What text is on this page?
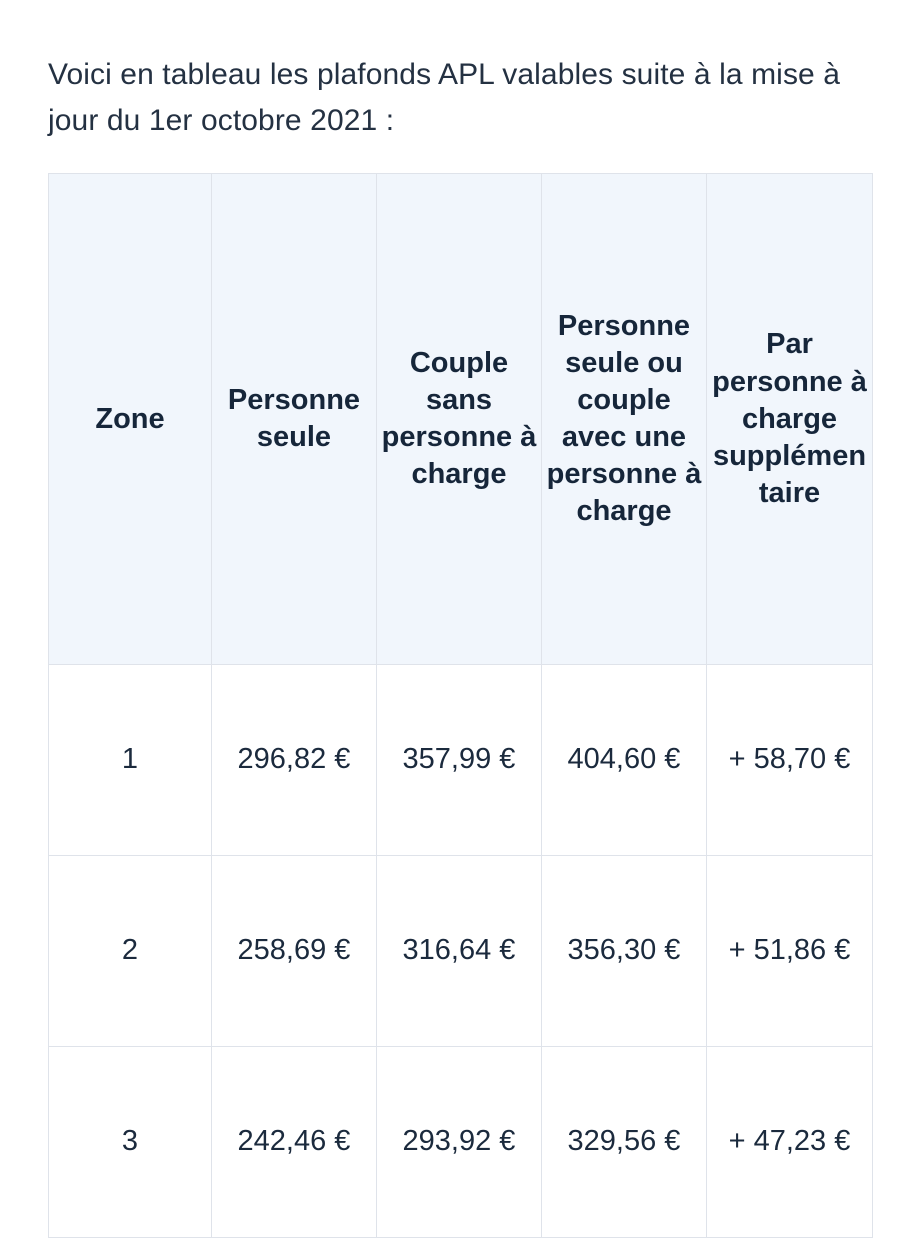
Voici en tableau les plafonds APL valables suite à la mise à jour du 1er octobre 2021 :

Zone	Personne seule	Couple sans personne à charge	Personne seule ou couple avec une personne à charge	Par personne à charge supplémentaire
1	296,82 €	357,99 €	404,60 €	+ 58,70 €
2	258,69 €	316,64 €	356,30 €	+ 51,86 €
3	242,46 €	293,92 €	329,56 €	+ 47,23 €
